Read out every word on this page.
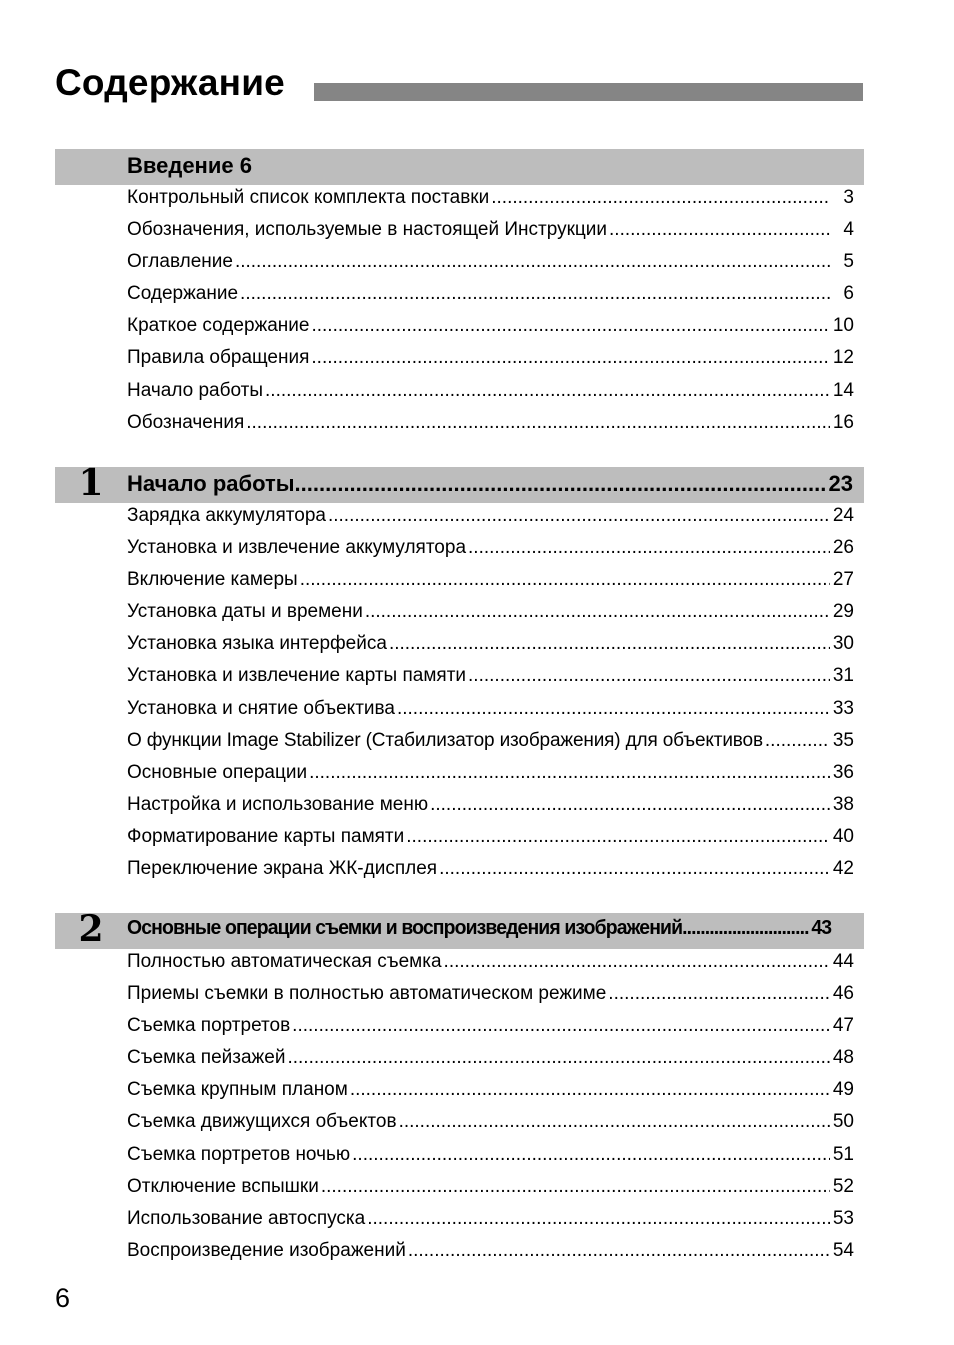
Содержание
Введение 6
Контрольный список комплекта поставки .....	3
Обозначения, используемые в настоящей Инструкции .....	4
Оглавление .....	5
Содержание .....	6
Краткое содержание .....	10
Правила обращения .....	12
Начало работы .....	14
Обозначения .....	16
1	Начало работы .....	23
Зарядка аккумулятора .....	24
Установка и извлечение аккумулятора .....	26
Включение камеры .....	27
Установка даты и времени .....	29
Установка языка интерфейса .....	30
Установка и извлечение карты памяти .....	31
Установка и снятие объектива .....	33
О функции Image Stabilizer (Стабилизатор изображения) для объективов .....	35
Основные операции .....	36
Настройка и использование меню .....	38
Форматирование карты памяти .....	40
Переключение экрана ЖК-дисплея .....	42
2	Основные операции съемки и воспроизведения изображений .....	43
Полностью автоматическая съемка .....	44
Приемы съемки в полностью автоматическом режиме .....	46
Съемка портретов .....	47
Съемка пейзажей .....	48
Съемка крупным планом .....	49
Съемка движущихся объектов .....	50
Съемка портретов ночью .....	51
Отключение вспышки .....	52
Использование автоспуска .....	53
Воспроизведение изображений .....	54
6
